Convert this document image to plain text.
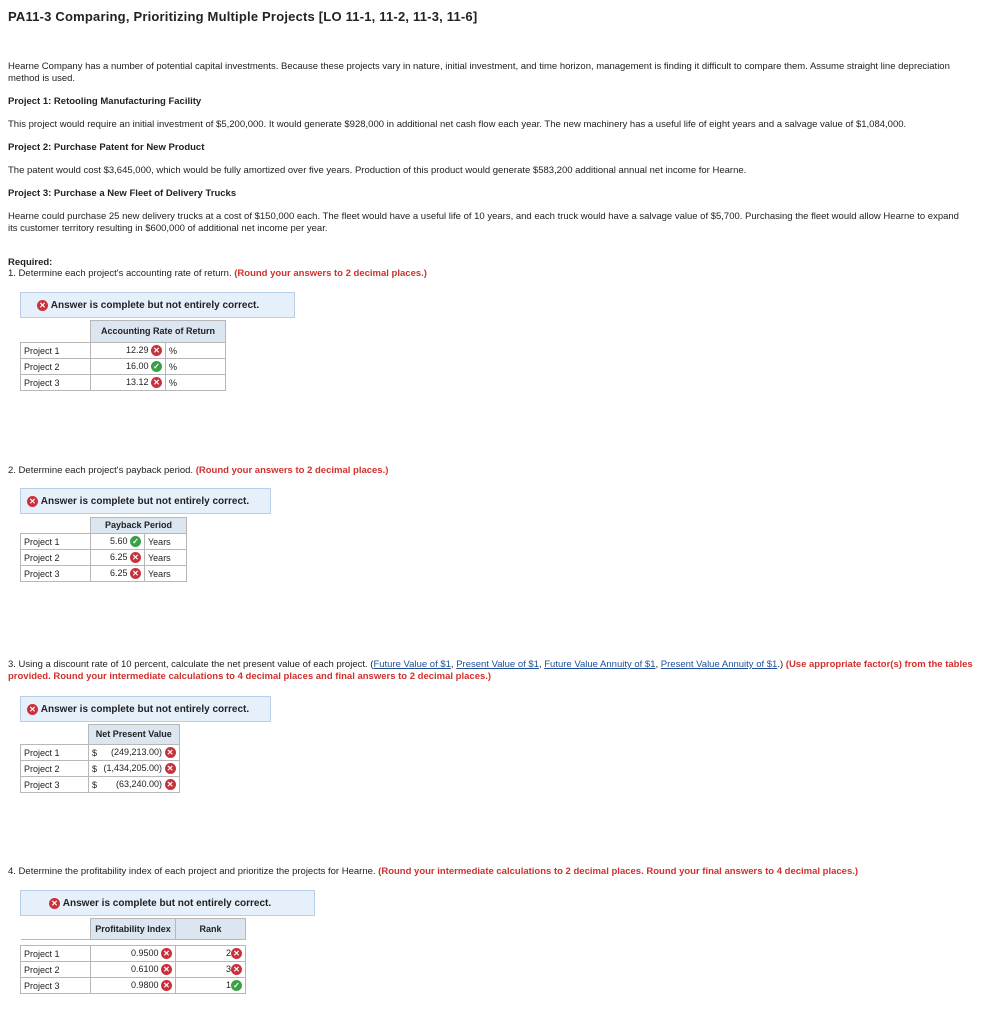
PA11-3 Comparing, Prioritizing Multiple Projects [LO 11-1, 11-2, 11-3, 11-6]
Hearne Company has a number of potential capital investments. Because these projects vary in nature, initial investment, and time horizon, management is finding it difficult to compare them. Assume straight line depreciation method is used.
Project 1: Retooling Manufacturing Facility
This project would require an initial investment of $5,200,000. It would generate $928,000 in additional net cash flow each year. The new machinery has a useful life of eight years and a salvage value of $1,084,000.
Project 2: Purchase Patent for New Product
The patent would cost $3,645,000, which would be fully amortized over five years. Production of this product would generate $583,200 additional annual net income for Hearne.
Project 3: Purchase a New Fleet of Delivery Trucks
Hearne could purchase 25 new delivery trucks at a cost of $150,000 each. The fleet would have a useful life of 10 years, and each truck would have a salvage value of $5,700. Purchasing the fleet would allow Hearne to expand its customer territory resulting in $600,000 of additional net income per year.
Required:
1. Determine each project's accounting rate of return. (Round your answers to 2 decimal places.)
✕
Answer is complete but not entirely correct.
	Accounting Rate of Return	
Project 1	12.29 ✕	%
Project 2	16.00 ✓	%
Project 3	13.12 ✕	%
2. Determine each project's payback period. (Round your answers to 2 decimal places.)
✕
Answer is complete but not entirely correct.
	Payback Period	
Project 1	5.60 ✓	Years
Project 2	6.25 ✕	Years
Project 3	6.25 ✕	Years
3. Using a discount rate of 10 percent, calculate the net present value of each project. (Future Value of $1, Present Value of $1, Future Value Annuity of $1, Present Value Annuity of $1.) (Use appropriate factor(s) from the tables provided. Round your intermediate calculations to 4 decimal places and final answers to 2 decimal places.)
✕
Answer is complete but not entirely correct.
	Net Present Value	
Project 1	$	(249,213.00) ✕
Project 2	$	(1,434,205.00) ✕
Project 3	$	(63,240.00) ✕
4. Determine the profitability index of each project and prioritize the projects for Hearne. (Round your intermediate calculations to 2 decimal places. Round your final answers to 4 decimal places.)
✕
Answer is complete but not entirely correct.
	Profitability Index	Rank

Project 1	0.9500 ✕	2 ✕
Project 2	0.6100 ✕	3 ✕
Project 3	0.9800 ✕	1 ✓
